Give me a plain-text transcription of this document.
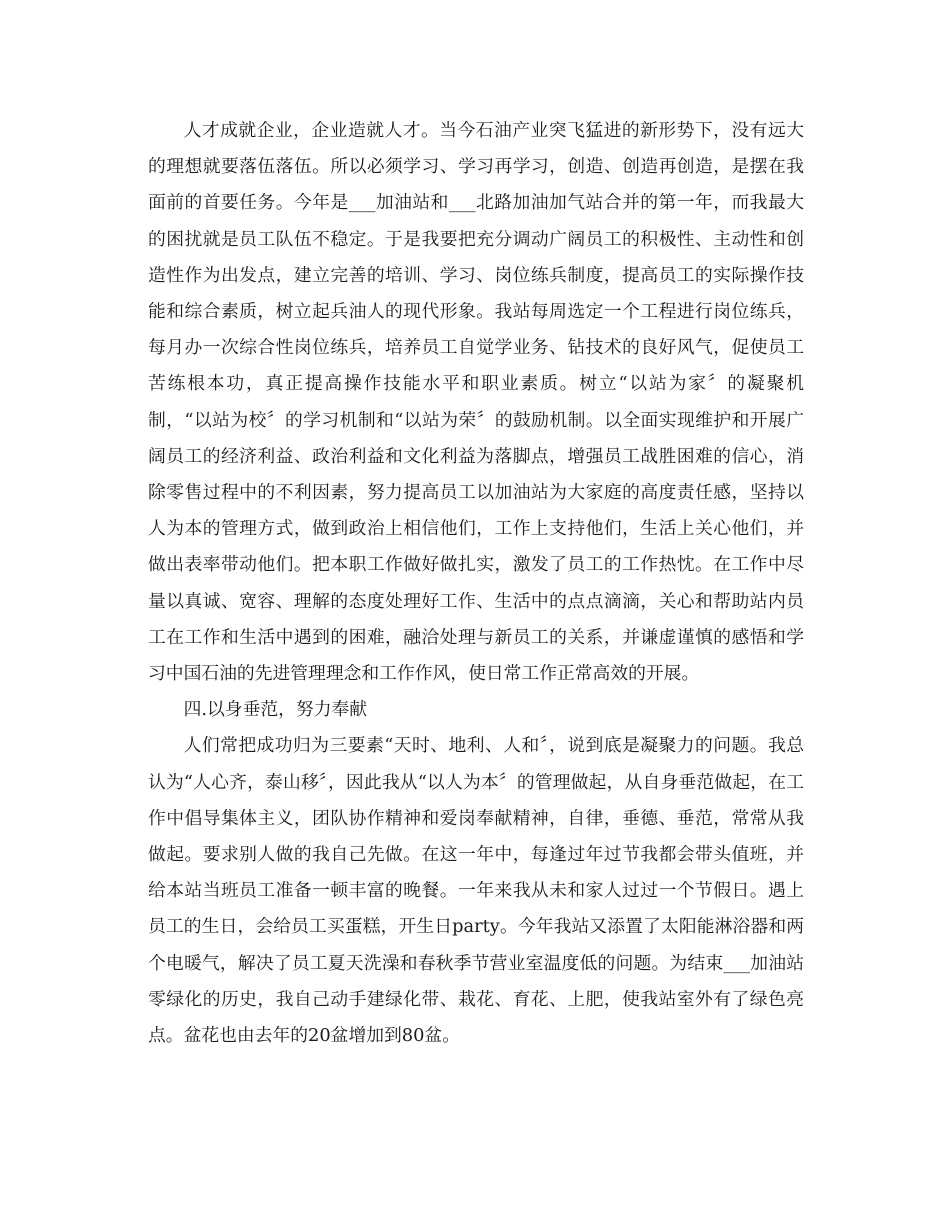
人才成就企业，企业造就人才。当今石油产业突飞猛进的新形势下，没有远大的理想就要落伍落伍。所以必须学习、学习再学习，创造、创造再创造，是摆在我面前的首要任务。今年是___加油站和___北路加油加气站合并的第一年，而我最大的困扰就是员工队伍不稳定。于是我要把充分调动广阔员工的积极性、主动性和创造性作为出发点，建立完善的培训、学习、岗位练兵制度，提高员工的实际操作技能和综合素质，树立起兵油人的现代形象。我站每周选定一个工程进行岗位练兵，每月办一次综合性岗位练兵，培养员工自觉学业务、钻技术的良好风气，促使员工苦练根本功，真正提高操作技能水平和职业素质。树立“以站为家〞的凝聚机制，“以站为校〞的学习机制和“以站为荣〞的鼓励机制。以全面实现维护和开展广阔员工的经济利益、政治利益和文化利益为落脚点，增强员工战胜困难的信心，消除零售过程中的不利因素，努力提高员工以加油站为大家庭的高度责任感，坚持以人为本的管理方式，做到政治上相信他们，工作上支持他们，生活上关心他们，并做出表率带动他们。把本职工作做好做扎实，激发了员工的工作热忱。在工作中尽量以真诚、宽容、理解的态度处理好工作、生活中的点点滴滴，关心和帮助站内员工在工作和生活中遇到的困难，融洽处理与新员工的关系，并谦虚谨慎的感悟和学习中国石油的先进管理理念和工作作风，使日常工作正常高效的开展。

四.以身垂范，努力奉献

人们常把成功归为三要素“天时、地利、人和〞，说到底是凝聚力的问题。我总认为“人心齐，泰山移〞，因此我从“以人为本〞的管理做起，从自身垂范做起，在工作中倡导集体主义，团队协作精神和爱岗奉献精神，自律，垂德、垂范，常常从我做起。要求别人做的我自己先做。在这一年中，每逢过年过节我都会带头值班，并给本站当班员工准备一顿丰富的晚餐。一年来我从未和家人过过一个节假日。遇上员工的生日，会给员工买蛋糕，开生日party。今年我站又添置了太阳能淋浴器和两个电暖气，解决了员工夏天洗澡和春秋季节营业室温度低的问题。为结束___加油站零绿化的历史，我自己动手建绿化带、栽花、育花、上肥，使我站室外有了绿色亮点。盆花也由去年的20盆增加到80盆。
